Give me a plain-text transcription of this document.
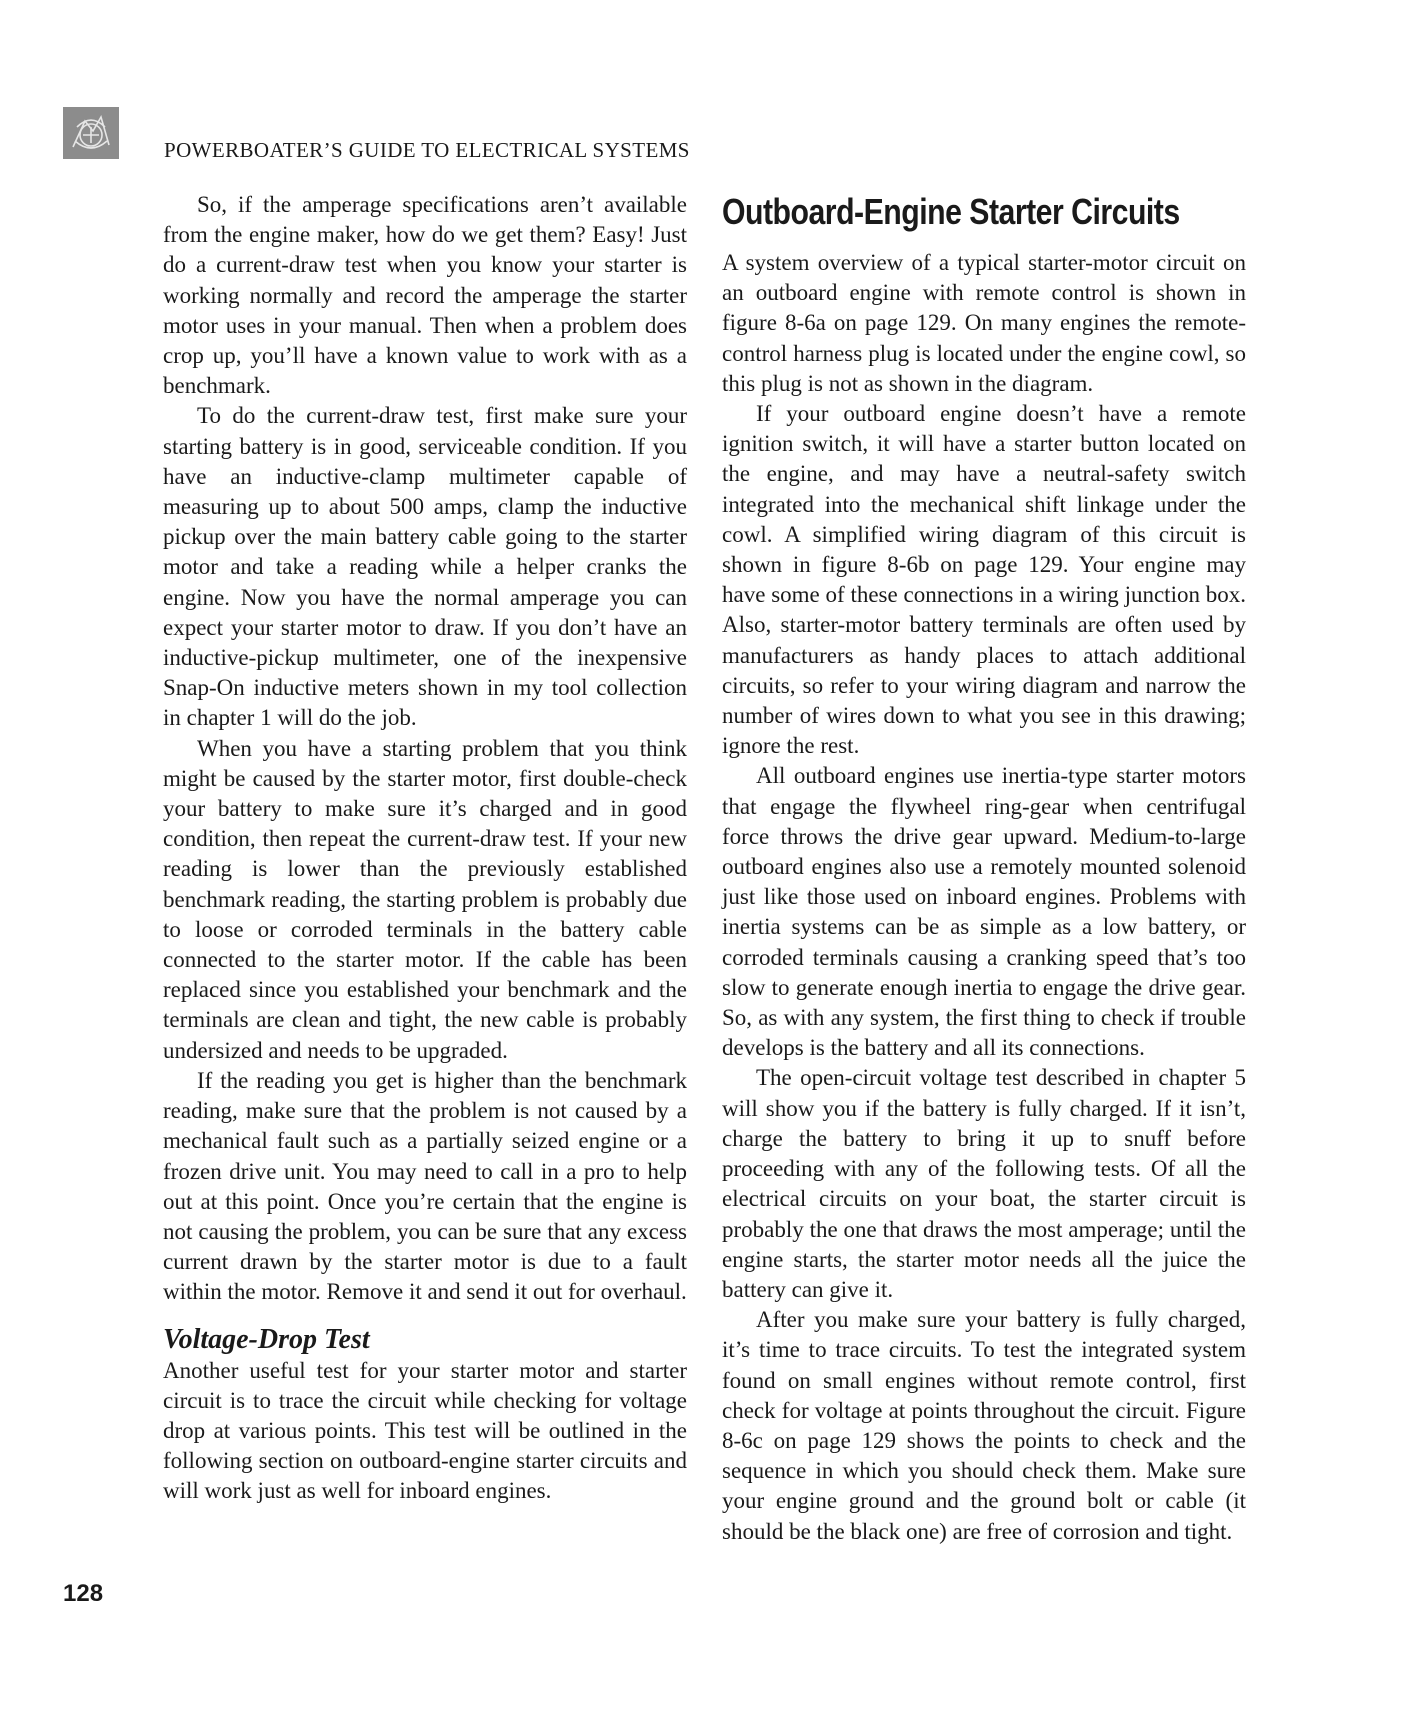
POWERBOATER’S GUIDE TO ELECTRICAL SYSTEMS

So, if the amperage specifications aren’t available from the engine maker, how do we get them? Easy! Just do a current-draw test when you know your starter is working normally and record the amperage the starter motor uses in your manual. Then when a problem does crop up, you’ll have a known value to work with as a benchmark.

To do the current-draw test, first make sure your starting battery is in good, serviceable condition. If you have an inductive-clamp multimeter capable of measuring up to about 500 amps, clamp the inductive pickup over the main battery cable going to the starter motor and take a reading while a helper cranks the engine. Now you have the normal amperage you can expect your starter motor to draw. If you don’t have an inductive-pickup multimeter, one of the inexpensive Snap-On inductive meters shown in my tool collection in chapter 1 will do the job.

When you have a starting problem that you think might be caused by the starter motor, first double-check your battery to make sure it’s charged and in good condition, then repeat the current-draw test. If your new reading is lower than the previously established benchmark reading, the starting problem is probably due to loose or corroded terminals in the battery cable connected to the starter motor. If the cable has been replaced since you established your benchmark and the terminals are clean and tight, the new cable is probably undersized and needs to be upgraded.

If the reading you get is higher than the benchmark reading, make sure that the problem is not caused by a mechanical fault such as a partially seized engine or a frozen drive unit. You may need to call in a pro to help out at this point. Once you’re certain that the engine is not causing the problem, you can be sure that any excess current drawn by the starter motor is due to a fault within the motor. Remove it and send it out for overhaul.

Voltage-Drop Test

Another useful test for your starter motor and starter circuit is to trace the circuit while checking for voltage drop at various points. This test will be outlined in the following section on outboard-engine starter circuits and will work just as well for inboard engines.

Outboard-Engine Starter Circuits

A system overview of a typical starter-motor circuit on an outboard engine with remote control is shown in figure 8-6a on page 129. On many engines the remote-control harness plug is located under the engine cowl, so this plug is not as shown in the diagram.

If your outboard engine doesn’t have a remote ignition switch, it will have a starter button located on the engine, and may have a neutral-safety switch integrated into the mechanical shift linkage under the cowl. A simplified wiring diagram of this circuit is shown in figure 8-6b on page 129. Your engine may have some of these connections in a wiring junction box. Also, starter-motor battery terminals are often used by manufacturers as handy places to attach additional circuits, so refer to your wiring diagram and narrow the number of wires down to what you see in this drawing; ignore the rest.

All outboard engines use inertia-type starter motors that engage the flywheel ring-gear when centrifugal force throws the drive gear upward. Medium-to-large outboard engines also use a remotely mounted solenoid just like those used on inboard engines. Problems with inertia systems can be as simple as a low battery, or corroded terminals causing a cranking speed that’s too slow to generate enough inertia to engage the drive gear. So, as with any system, the first thing to check if trouble develops is the battery and all its connections.

The open-circuit voltage test described in chapter 5 will show you if the battery is fully charged. If it isn’t, charge the battery to bring it up to snuff before proceeding with any of the following tests. Of all the electrical circuits on your boat, the starter circuit is probably the one that draws the most amperage; until the engine starts, the starter motor needs all the juice the battery can give it.

After you make sure your battery is fully charged, it’s time to trace circuits. To test the integrated system found on small engines without remote control, first check for voltage at points throughout the circuit. Figure 8-6c on page 129 shows the points to check and the sequence in which you should check them. Make sure your engine ground and the ground bolt or cable (it should be the black one) are free of corrosion and tight.

128
